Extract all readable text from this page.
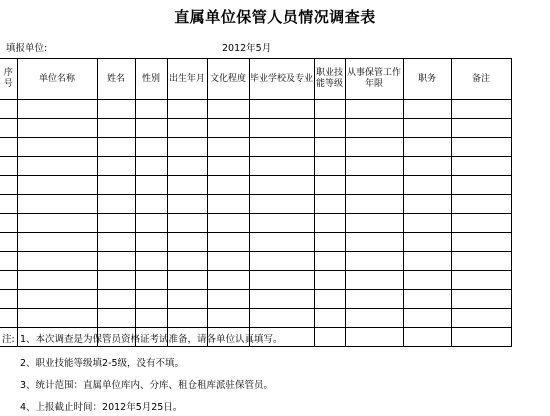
直属单位保管人员情况调查表
填报单位:	2012年5月
序号	单位名称	姓名	性别	出生年月	文化程度	毕业学校及专业	职业技能等级	从事保管工作年限	职务	备注

注: 1、本次调查是为保管员资格证考试准备，请各单位认真填写。
2、职业技能等级填2-5级，没有不填。
3、统计范围：直属单位库内、分库、租仓租库派驻保管员。
4、上报截止时间：2012年5月25日。
